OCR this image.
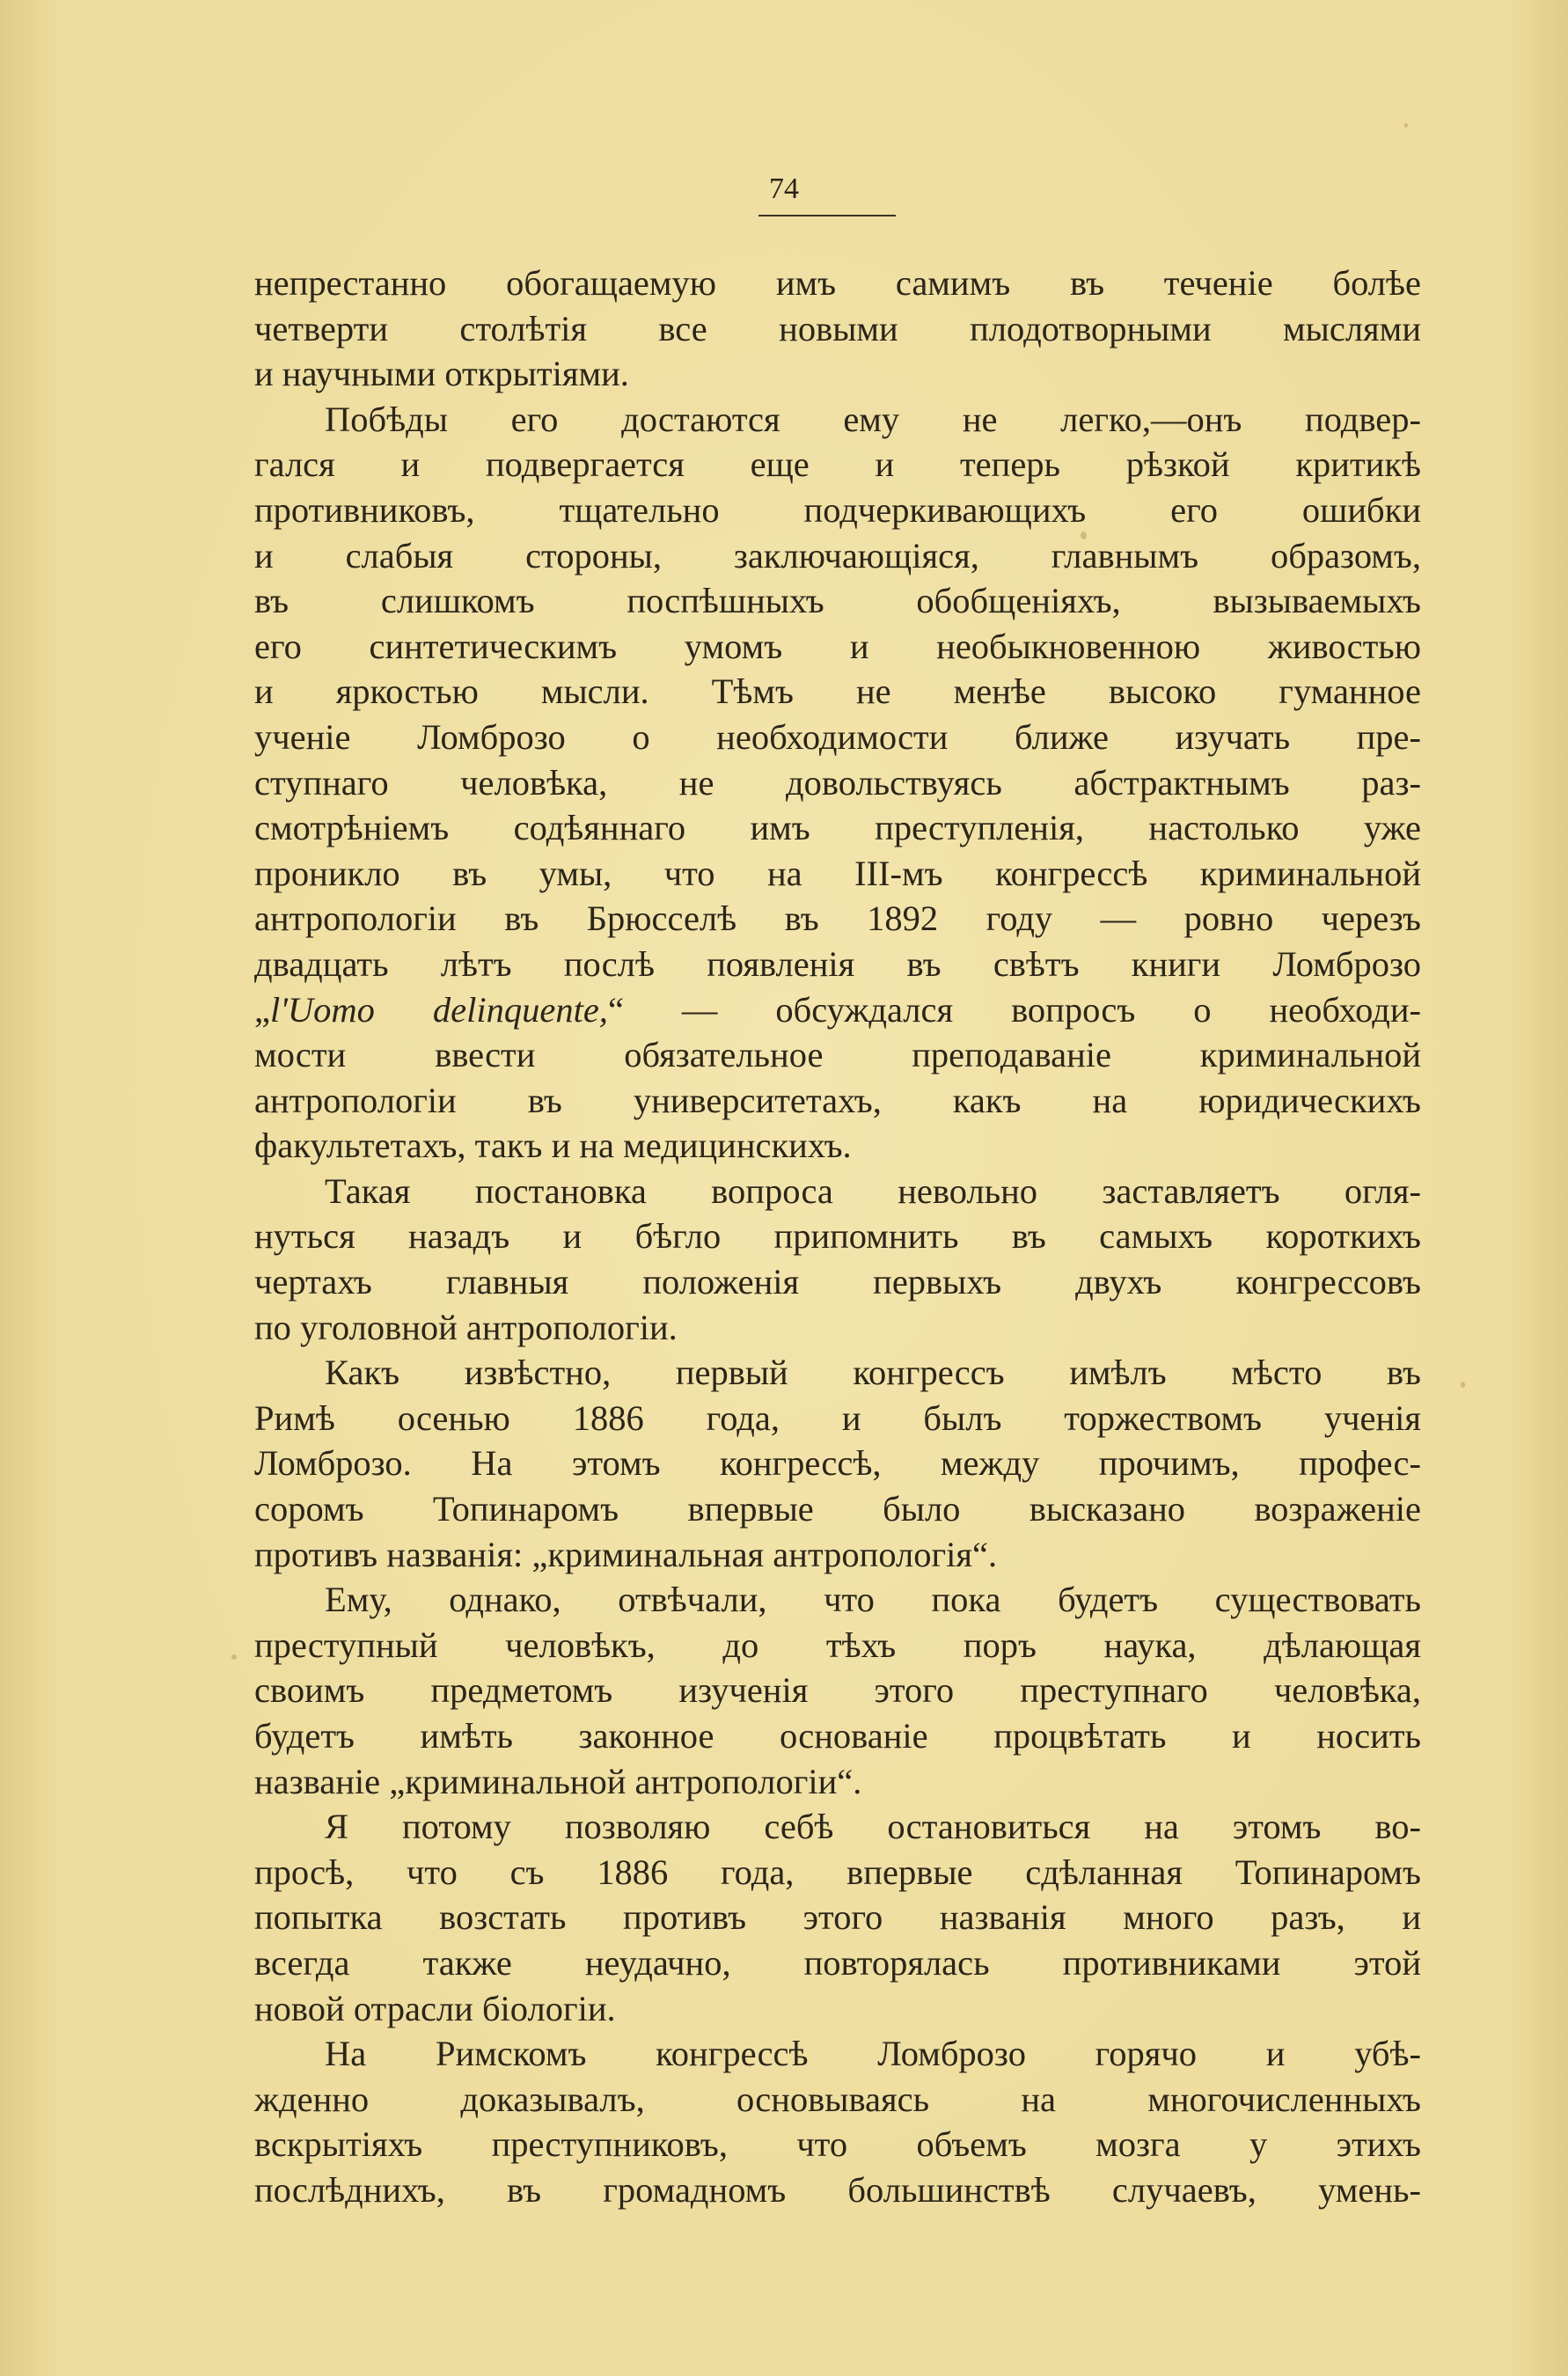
74
непрестанно обогащаемую имъ самимъ въ теченіе болѣе
четверти столѣтія все новыми плодотворными мыслями
и научными открытіями.
Побѣды его достаются ему не легко,—онъ подвер-
гался и подвергается еще и теперь рѣзкой критикѣ
противниковъ, тщательно подчеркивающихъ его ошибки
и слабыя стороны, заключающіяся, главнымъ образомъ,
въ слишкомъ поспѣшныхъ обобщеніяхъ, вызываемыхъ
его синтетическимъ умомъ и необыкновенною живостью
и яркостью мысли. Тѣмъ не менѣе высоко гуманное
ученіе Ломброзо о необходимости ближе изучать пре-
ступнаго человѣка, не довольствуясь абстрактнымъ раз-
смотрѣніемъ содѣяннаго имъ преступленія, настолько уже
проникло въ умы, что на III-мъ конгрессѣ криминальной
антропологіи въ Брюсселѣ въ 1892 году — ровно черезъ
двадцать лѣтъ послѣ появленія въ свѣтъ книги Ломброзо
„l'Uomo delinquente,“ — обсуждался вопросъ о необходи-
мости ввести обязательное преподаваніе криминальной
антропологіи въ университетахъ, какъ на юридическихъ
факультетахъ, такъ и на медицинскихъ.
Такая постановка вопроса невольно заставляетъ огля-
нуться назадъ и бѣгло припомнить въ самыхъ короткихъ
чертахъ главныя положенія первыхъ двухъ конгрессовъ
по уголовной антропологіи.
Какъ извѣстно, первый конгрессъ имѣлъ мѣсто въ
Римѣ осенью 1886 года, и былъ торжествомъ ученія
Ломброзо. На этомъ конгрессѣ, между прочимъ, профес-
соромъ Топинаромъ впервые было высказано возраженіе
противъ названія: „криминальная антропологія“.
Ему, однако, отвѣчали, что пока будетъ существовать
преступный человѣкъ, до тѣхъ поръ наука, дѣлающая
своимъ предметомъ изученія этого преступнаго человѣка,
будетъ имѣть законное основаніе процвѣтать и носить
названіе „криминальной антропологіи“.
Я потому позволяю себѣ остановиться на этомъ во-
просѣ, что съ 1886 года, впервые сдѣланная Топинаромъ
попытка возстать противъ этого названія много разъ, и
всегда также неудачно, повторялась противниками этой
новой отрасли біологіи.
На Римскомъ конгрессѣ Ломброзо горячо и убѣ-
жденно доказывалъ, основываясь на многочисленныхъ
вскрытіяхъ преступниковъ, что объемъ мозга у этихъ
послѣднихъ, въ громадномъ большинствѣ случаевъ, умень-
